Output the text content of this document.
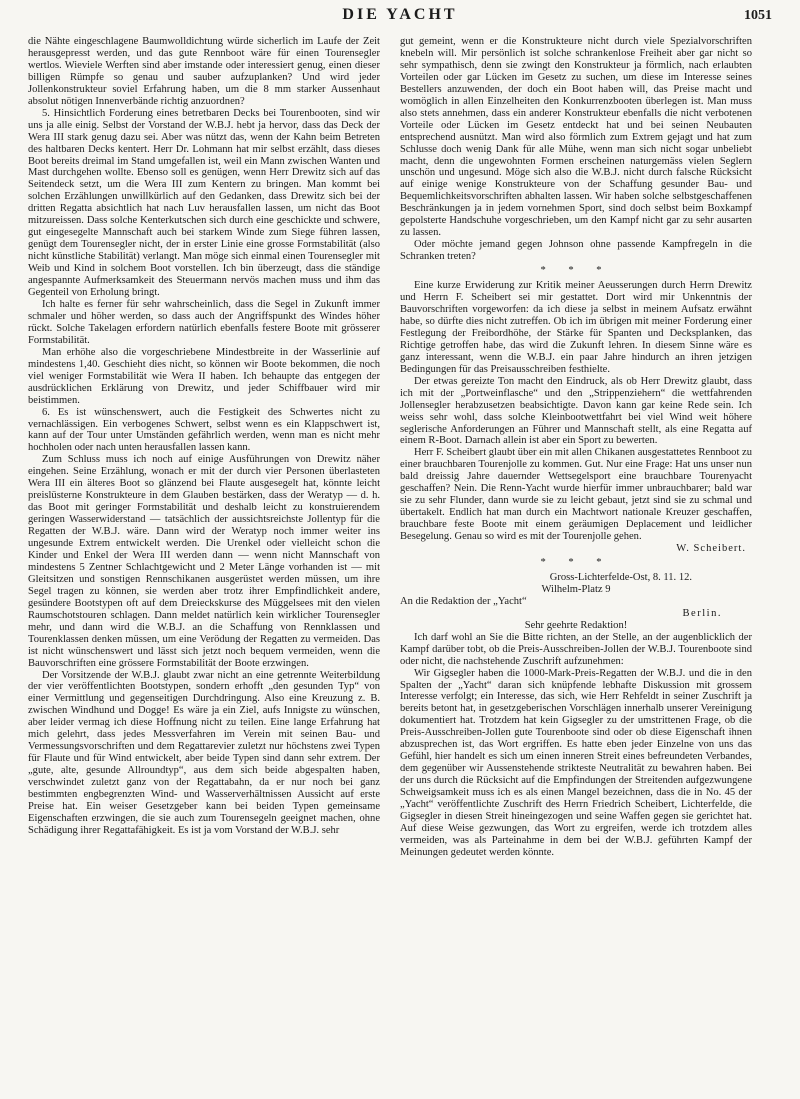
DIE YACHT	1051

die Nähte eingeschlagene Baumwolldichtung würde sicherlich im Laufe der Zeit herausgepresst werden, und das gute Rennboot wäre für einen Tourensegler wertlos. Wieviele Werften sind aber imstande oder interessiert genug, einen dieser billigen Rümpfe so genau und sauber aufzuplanken? Und wird jeder Jollenkonstrukteur soviel Erfahrung haben, um die 8 mm starker Aussenhaut absolut nötigen Innenverbände richtig anzuordnen?

5. Hinsichtlich Forderung eines betretbaren Decks bei Tourenbooten, sind wir uns ja alle einig. Selbst der Vorstand der W.B.J. hebt ja hervor, dass das Deck der Wera III stark genug dazu sei. Aber was nützt das, wenn der Kahn beim Betreten des haltbaren Decks kentert. Herr Dr. Lohmann hat mir selbst erzählt, dass dieses Boot bereits dreimal im Stand umgefallen ist, weil ein Mann zwischen Wanten und Mast durchgehen wollte. Ebenso soll es genügen, wenn Herr Drewitz sich auf das Seitendeck setzt, um die Wera III zum Kentern zu bringen. Man kommt bei solchen Erzählungen unwillkürlich auf den Gedanken, dass Drewitz sich bei der dritten Regatta absichtlich hat nach Luv herausfallen lassen, um nicht das Boot mitzureissen. Dass solche Kenterkutschen sich durch eine geschickte und schwere, gut eingesegelte Mannschaft auch bei starkem Winde zum Siege führen lassen, genügt dem Tourensegler nicht, der in erster Linie eine grosse Formstabilität (also nicht künstliche Stabilität) verlangt. Man möge sich einmal einen Tourensegler mit Weib und Kind in solchem Boot vorstellen. Ich bin überzeugt, dass die ständige angespannte Aufmerksamkeit des Steuermann nervös machen muss und ihm das Gegenteil von Erholung bringt.

Ich halte es ferner für sehr wahrscheinlich, dass die Segel in Zukunft immer schmaler und höher werden, so dass auch der Angriffspunkt des Windes höher rückt. Solche Takelagen erfordern natürlich ebenfalls festere Boote mit grösserer Formstabilität.

Man erhöhe also die vorgeschriebene Mindestbreite in der Wasserlinie auf mindestens 1,40. Geschieht dies nicht, so können wir Boote bekommen, die noch viel weniger Formstabilität wie Wera II haben. Ich behaupte das entgegen der ausdrücklichen Erklärung von Drewitz, und jeder Schiffbauer wird mir beistimmen.

6. Es ist wünschenswert, auch die Festigkeit des Schwertes nicht zu vernachlässigen. Ein verbogenes Schwert, selbst wenn es ein Klappschwert ist, kann auf der Tour unter Umständen gefährlich werden, wenn man es nicht mehr hochholen oder nach unten herausfallen lassen kann.

Zum Schluss muss ich noch auf einige Ausführungen von Drewitz näher eingehen. Seine Erzählung, wonach er mit der durch vier Personen überlasteten Wera III ein älteres Boot so glänzend bei Flaute ausgesegelt hat, könnte leicht preislüsterne Konstrukteure in dem Glauben bestärken, dass der Weratyp — d. h. das Boot mit geringer Formstabilität und deshalb leicht zu konstruierendem geringen Wasserwiderstand — tatsächlich der aussichtsreichste Jollentyp für die Regatten der W.B.J. wäre. Dann wird der Weratyp noch immer weiter ins ungesunde Extrem entwickelt werden. Die Urenkel oder vielleicht schon die Kinder und Enkel der Wera III werden dann — wenn nicht Mannschaft von mindestens 5 Zentner Schlachtgewicht und 2 Meter Länge vorhanden ist — mit Gleitsitzen und sonstigen Rennschikanen ausgerüstet werden müssen, um ihre Segel tragen zu können, sie werden aber trotz ihrer Empfindlichkeit andere, gesündere Bootstypen oft auf dem Dreieckskurse des Müggelsees mit den vielen Raumschotstouren schlagen. Dann meldet natürlich kein wirklicher Tourensegler mehr, und dann wird die W.B.J. an die Schaffung von Rennklassen und Tourenklassen denken müssen, um eine Verödung der Regatten zu vermeiden. Das ist nicht wünschenswert und lässt sich jetzt noch bequem vermeiden, wenn die Bauvorschriften eine grössere Formstabilität der Boote erzwingen.

Der Vorsitzende der W.B.J. glaubt zwar nicht an eine getrennte Weiterbildung der vier veröffentlichten Bootstypen, sondern erhofft „den gesunden Typ“ von einer Vermittlung und gegenseitigen Durchdringung. Also eine Kreuzung z. B. zwischen Windhund und Dogge! Es wäre ja ein Ziel, aufs Innigste zu wünschen, aber leider vermag ich diese Hoffnung nicht zu teilen. Eine lange Erfahrung hat mich gelehrt, dass jedes Messverfahren im Verein mit seinen Bau- und Vermessungsvorschriften und dem Regattarevier zuletzt nur höchstens zwei Typen für Flaute und für Wind entwickelt, aber beide Typen sind dann sehr extrem. Der „gute, alte, gesunde Allroundtyp“, aus dem sich beide abgespalten haben, verschwindet zuletzt ganz von der Regattabahn, da er nur noch bei ganz bestimmten engbegrenzten Wind- und Wasserverhältnissen Aussicht auf erste Preise hat. Ein weiser Gesetzgeber kann bei beiden Typen gemeinsame Eigenschaften erzwingen, die sie auch zum Tourensegeln geeignet machen, ohne Schädigung ihrer Regattafähigkeit. Es ist ja vom Vorstand der W.B.J. sehr

gut gemeint, wenn er die Konstrukteure nicht durch viele Spezialvorschriften knebeln will. Mir persönlich ist solche schrankenlose Freiheit aber gar nicht so sehr sympathisch, denn sie zwingt den Konstrukteur ja förmlich, nach erlaubten Vorteilen oder gar Lücken im Gesetz zu suchen, um diese im Interesse seines Bestellers anzuwenden, der doch ein Boot haben will, das Preise macht und womöglich in allen Einzelheiten den Konkurrenzbooten überlegen ist. Man muss also stets annehmen, dass ein anderer Konstrukteur ebenfalls die nicht verbotenen Vorteile oder Lücken im Gesetz entdeckt hat und bei seinen Neubauten entsprechend ausnützt. Man wird also förmlich zum Extrem gejagt und hat zum Schlusse doch wenig Dank für alle Mühe, wenn man sich nicht sogar unbeliebt macht, denn die ungewohnten Formen erscheinen naturgemäss vielen Seglern unschön und ungesund. Möge sich also die W.B.J. nicht durch falsche Rücksicht auf einige wenige Konstrukteure von der Schaffung gesunder Bau- und Bequemlichkeitsvorschriften abhalten lassen. Wir haben solche selbstgeschaffenen Beschränkungen ja in jedem vornehmen Sport, sind doch selbst beim Boxkampf gepolsterte Handschuhe vorgeschrieben, um den Kampf nicht gar zu sehr ausarten zu lassen.

Oder möchte jemand gegen Johnson ohne passende Kampfregeln in die Schranken treten?

* * *

Eine kurze Erwiderung zur Kritik meiner Aeusserungen durch Herrn Drewitz und Herrn F. Scheibert sei mir gestattet. Dort wird mir Unkenntnis der Bauvorschriften vorgeworfen: da ich diese ja selbst in meinem Aufsatz erwähnt habe, so dürfte dies nicht zutreffen. Ob ich im übrigen mit meiner Forderung einer Festlegung der Freibordhöhe, der Stärke für Spanten und Decksplanken, das Richtige getroffen habe, das wird die Zukunft lehren. In diesem Sinne wäre es ganz interessant, wenn die W.B.J. ein paar Jahre hindurch an ihren jetzigen Bedingungen für das Preisausschreiben festhielte.

Der etwas gereizte Ton macht den Eindruck, als ob Herr Drewitz glaubt, dass ich mit der „Portweinflasche“ und den „Strippenziehern“ die wettfahrenden Jollensegler herabzusetzen beabsichtigte. Davon kann gar keine Rede sein. Ich weiss sehr wohl, dass solche Kleinbootwettfahrt bei viel Wind weit höhere seglerische Anforderungen an Führer und Mannschaft stellt, als eine Regatta auf einem R-Boot. Darnach allein ist aber ein Sport zu bewerten.

Herr F. Scheibert glaubt über ein mit allen Chikanen ausgestattetes Rennboot zu einer brauchbaren Tourenjolle zu kommen. Gut. Nur eine Frage: Hat uns unser nun bald dreissig Jahre dauernder Wettsegelsport eine brauchbare Tourenyacht geschaffen? Nein. Die Renn-Yacht wurde hierfür immer unbrauchbarer; bald war sie zu sehr Flunder, dann wurde sie zu leicht gebaut, jetzt sind sie zu schmal und übertakelt. Endlich hat man durch ein Machtwort nationale Kreuzer geschaffen, brauchbare feste Boote mit einem geräumigen Deplacement und leidlicher Besegelung. Genau so wird es mit der Tourenjolle gehen.

W. Scheibert.
* * *

Gross-Lichterfelde-Ost, 8. 11. 12.

Wilhelm-Platz 9

An die Redaktion der „Yacht“

Berlin.

Sehr geehrte Redaktion!

Ich darf wohl an Sie die Bitte richten, an der Stelle, an der augenblicklich der Kampf darüber tobt, ob die Preis-Ausschreiben-Jollen der W.B.J. Tourenboote sind oder nicht, die nachstehende Zuschrift aufzunehmen:

Wir Gigsegler haben die 1000-Mark-Preis-Regatten der W.B.J. und die in den Spalten der „Yacht“ daran sich knüpfende lebhafte Diskussion mit grossem Interesse verfolgt; ein Interesse, das sich, wie Herr Rehfeldt in seiner Zuschrift ja bereits betont hat, in gesetzgeberischen Vorschlägen innerhalb unserer Vereinigung dokumentiert hat. Trotzdem hat kein Gigsegler zu der umstrittenen Frage, ob die Preis-Ausschreiben-Jollen gute Tourenboote sind oder ob diese Eigenschaft ihnen abzusprechen ist, das Wort ergriffen. Es hatte eben jeder Einzelne von uns das Gefühl, hier handelt es sich um einen inneren Streit eines befreundeten Verbandes, dem gegenüber wir Aussenstehende strikteste Neutralität zu bewahren haben. Bei der uns durch die Rücksicht auf die Empfindungen der Streitenden aufgezwungene Schweigsamkeit muss ich es als einen Mangel bezeichnen, dass die in No. 45 der „Yacht“ veröffentlichte Zuschrift des Herrn Friedrich Scheibert, Lichterfelde, die Gigsegler in diesen Streit hineingezogen und seine Waffen gegen sie gerichtet hat. Auf diese Weise gezwungen, das Wort zu ergreifen, werde ich trotzdem alles vermeiden, was als Parteinahme in dem bei der W.B.J. geführten Kampf der Meinungen gedeutet werden könnte.
